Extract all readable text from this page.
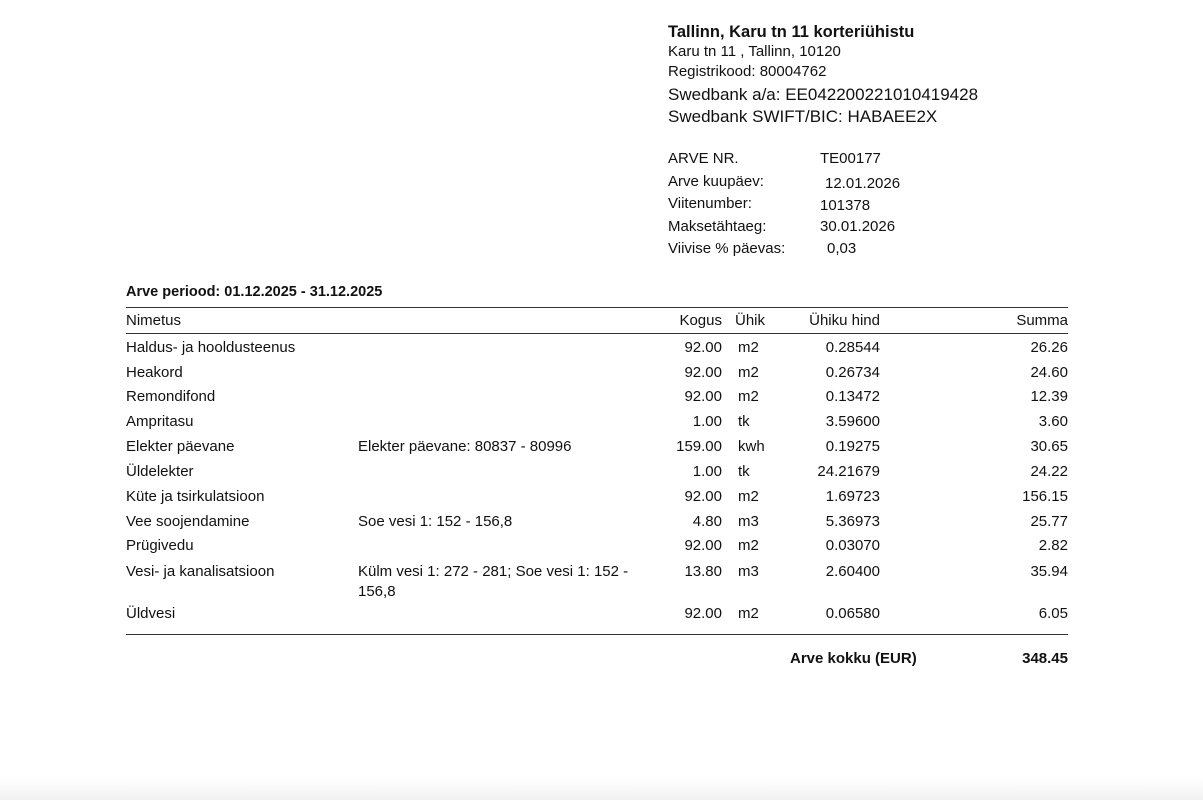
Tallinn, Karu tn 11 korteriühistu
Karu tn 11 , Tallinn, 10120
Registrikood: 80004762
Swedbank a/a: EE042200221010419428
Swedbank SWIFT/BIC: HABAEE2X
ARVE NR.	TE00177
Arve kuupäev:	12.01.2026
Viitenumber:	101378
Maksetähtaeg:	30.01.2026
Viivise % päevas:	0,03
Arve periood: 01.12.2025 - 31.12.2025
Nimetus	Kogus Ühik	Ühiku hind	Summa
Haldus- ja hooldusteenus	92.00 m2	0.28544	26.26
Heakord	92.00 m2	0.26734	24.60
Remondifond	92.00 m2	0.13472	12.39
Ampritasu	1.00 tk	3.59600	3.60
Elekter päevane	Elekter päevane: 80837 - 80996	159.00 kwh	0.19275	30.65
Üldelekter	1.00 tk	24.21679	24.22
Küte ja tsirkulatsioon	92.00 m2	1.69723	156.15
Vee soojendamine	Soe vesi 1: 152 - 156,8	4.80 m3	5.36973	25.77
Prügivedu	92.00 m2	0.03070	2.82
Vesi- ja kanalisatsioon	Külm vesi 1: 272 - 281; Soe vesi 1: 152 - 156,8
13.80 m3	2.60400	35.94
Üldvesi	92.00 m2	0.06580	6.05
Arve kokku (EUR)	348.45
